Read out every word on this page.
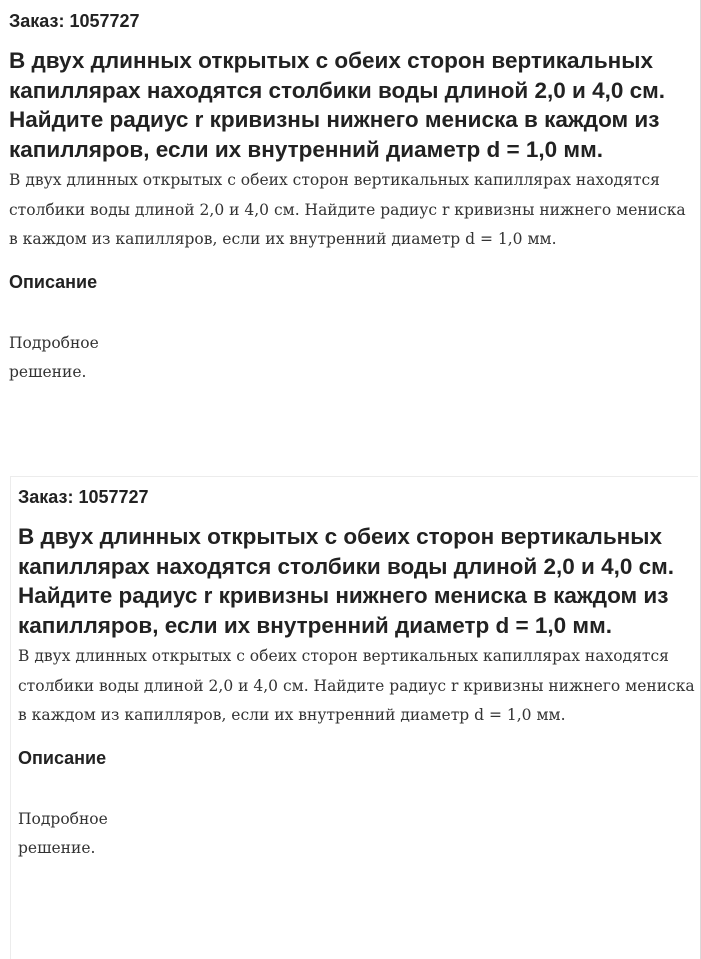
Заказ: 1057727

В двух длинных открытых с обеих сторон вертикальных капиллярах находятся столбики воды длиной 2,0 и 4,0 см. Найдите радиус r кривизны нижнего мениска в каждом из капилляров, если их внутренний диаметр d = 1,0 мм.

В двух длинных открытых с обеих сторон вертикальных капиллярах находятся столбики воды длиной 2,0 и 4,0 см. Найдите радиус r кривизны нижнего мениска в каждом из капилляров, если их внутренний диаметр d = 1,0 мм.

Описание

Подробное решение.

Заказ: 1057727

В двух длинных открытых с обеих сторон вертикальных капиллярах находятся столбики воды длиной 2,0 и 4,0 см. Найдите радиус r кривизны нижнего мениска в каждом из капилляров, если их внутренний диаметр d = 1,0 мм.

В двух длинных открытых с обеих сторон вертикальных капиллярах находятся столбики воды длиной 2,0 и 4,0 см. Найдите радиус r кривизны нижнего мениска в каждом из капилляров, если их внутренний диаметр d = 1,0 мм.

Описание

Подробное решение.
